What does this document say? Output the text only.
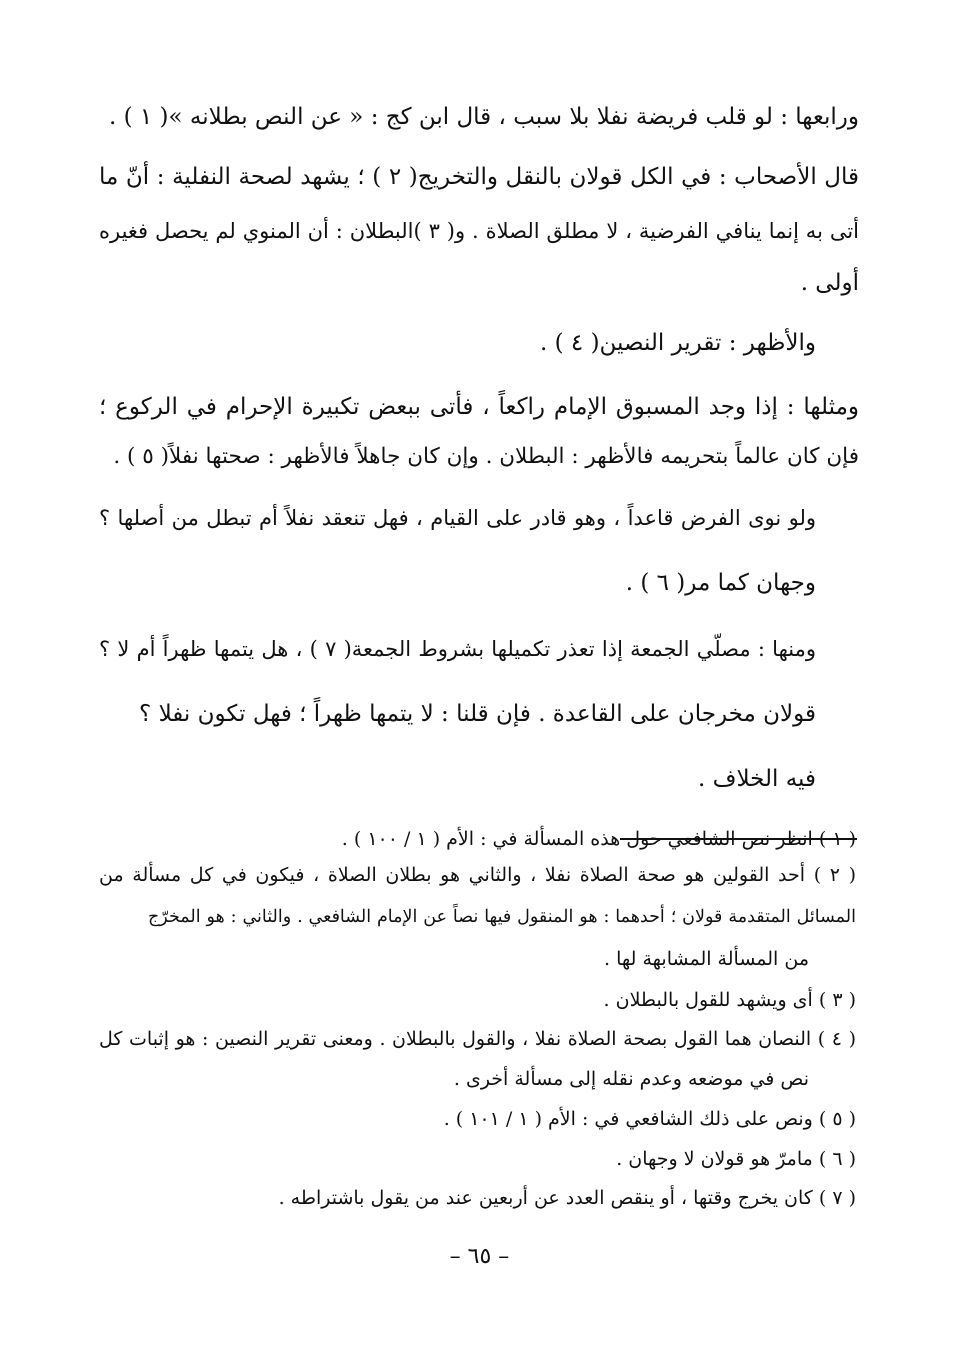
ورابعها : لو قلب فريضة نفلا بلا سبب ، قال ابن كج : « عن النص بطلانه »( ١ ) .
قال الأصحاب : في الكل قولان بالنقل والتخريج( ٢ ) ؛ يشهد لصحة النفلية : أنّ ما
أتى به إنما ينافي الفرضية ، لا مطلق الصلاة . و( ٣ )البطلان : أن المنوي لم يحصل فغيره
أولى .
والأظهر : تقرير النصين( ٤ ) .
ومثلها : إذا وجد المسبوق الإمام راكعاً ، فأتى ببعض تكبيرة الإحرام في الركوع ؛
فإن كان عالماً بتحريمه فالأظهر : البطلان . وإن كان جاهلاً فالأظهر : صحتها نفلاً( ٥ ) .
ولو نوى الفرض قاعداً ، وهو قادر على القيام ، فهل تنعقد نفلاً أم تبطل من أصلها ؟
وجهان كما مر( ٦ ) .
ومنها : مصلّي الجمعة إذا تعذر تكميلها بشروط الجمعة( ٧ ) ، هل يتمها ظهراً أم لا ؟
قولان مخرجان على القاعدة . فإن قلنا : لا يتمها ظهراً ؛ فهل تكون نفلا ؟
فيه الخلاف .
( ١ ) انظر نص الشافعي حول هذه المسألة في : الأم ( ١ / ١٠٠ ) .
( ٢ ) أحد القولين هو صحة الصلاة نفلا ، والثاني هو بطلان الصلاة ، فيكون في كل مسألة من
المسائل المتقدمة قولان ؛ أحدهما : هو المنقول فيها نصاً عن الإمام الشافعي . والثاني : هو المخرّج
من المسألة المشابهة لها .
( ٣ ) أى ويشهد للقول بالبطلان .
( ٤ ) النصان هما القول بصحة الصلاة نفلا ، والقول بالبطلان . ومعنى تقرير النصين : هو إثبات كل
نص في موضعه وعدم نقله إلى مسألة أخرى .
( ٥ ) ونص على ذلك الشافعي في : الأم ( ١ / ١٠١ ) .
( ٦ ) مامرّ هو قولان لا وجهان .
( ٧ ) كان يخرج وقتها ، أو ينقص العدد عن أربعين عند من يقول باشتراطه .
– ٦٥ –
